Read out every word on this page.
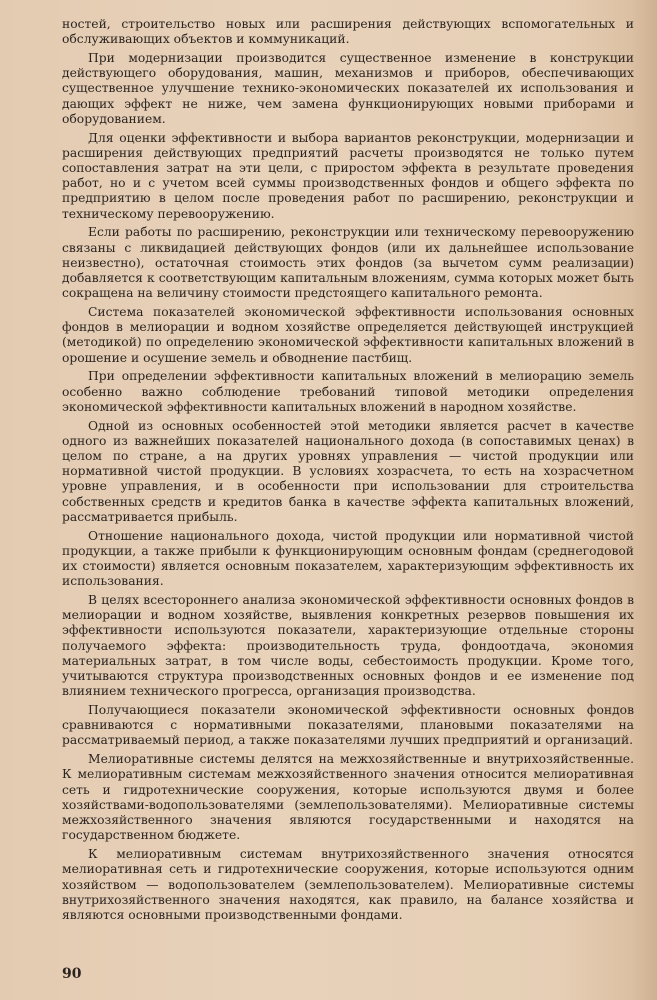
ностей, строительство новых или расширения действующих вспомогательных и обслуживающих объектов и коммуникаций.

При модернизации производится существенное изменение в конструкции действующего оборудования, машин, механизмов и приборов, обеспечивающих существенное улучшение технико-экономических показателей их использования и дающих эффект не ниже, чем замена функционирующих новыми приборами и оборудованием.

Для оценки эффективности и выбора вариантов реконструкции, модернизации и расширения действующих предприятий расчеты производятся не только путем сопоставления затрат на эти цели, с приростом эффекта в результате проведения работ, но и с учетом всей суммы производственных фондов и общего эффекта по предприятию в целом после проведения работ по расширению, реконструкции и техническому перевооружению.

Если работы по расширению, реконструкции или техническому перевооружению связаны с ликвидацией действующих фондов (или их дальнейшее использование неизвестно), остаточная стоимость этих фондов (за вычетом сумм реализации) добавляется к соответствующим капитальным вложениям, сумма которых может быть сокращена на величину стоимости предстоящего капитального ремонта.

Система показателей экономической эффективности использования основных фондов в мелиорации и водном хозяйстве определяется действующей инструкцией (методикой) по определению экономической эффективности капитальных вложений в орошение и осушение земель и обводнение пастбищ.

При определении эффективности капитальных вложений в мелиорацию земель особенно важно соблюдение требований типовой методики определения экономической эффективности капитальных вложений в народном хозяйстве.

Одной из основных особенностей этой методики является расчет в качестве одного из важнейших показателей национального дохода (в сопоставимых ценах) в целом по стране, а на других уровнях управления — чистой продукции или нормативной чистой продукции. В условиях хозрасчета, то есть на хозрасчетном уровне управления, и в особенности при использовании для строительства собственных средств и кредитов банка в качестве эффекта капитальных вложений, рассматривается прибыль.

Отношение национального дохода, чистой продукции или нормативной чистой продукции, а также прибыли к функционирующим основным фондам (среднегодовой их стоимости) является основным показателем, характеризующим эффективность их использования.

В целях всестороннего анализа экономической эффективности основных фондов в мелиорации и водном хозяйстве, выявления конкретных резервов повышения их эффективности используются показатели, характеризующие отдельные стороны получаемого эффекта: производительность труда, фондоотдача, экономия материальных затрат, в том числе воды, себестоимость продукции. Кроме того, учитываются структура производственных основных фондов и ее изменение под влиянием технического прогресса, организация производства.

Получающиеся показатели экономической эффективности основных фондов сравниваются с нормативными показателями, плановыми показателями на рассматриваемый период, а также показателями лучших предприятий и организаций.

Мелиоративные системы делятся на межхозяйственные и внутрихозяйственные. К мелиоративным системам межхозяйственного значения относится мелиоративная сеть и гидротехнические сооружения, которые используются двумя и более хозяйствами-водопользователями (землепользователями). Мелиоративные системы межхозяйственного значения являются государственными и находятся на государственном бюджете.

К мелиоративным системам внутрихозяйственного значения относятся мелиоративная сеть и гидротехнические сооружения, которые используются одним хозяйством — водопользователем (землепользователем). Мелиоративные системы внутрихозяйственного значения находятся, как правило, на балансе хозяйства и являются основными производственными фондами.

90
